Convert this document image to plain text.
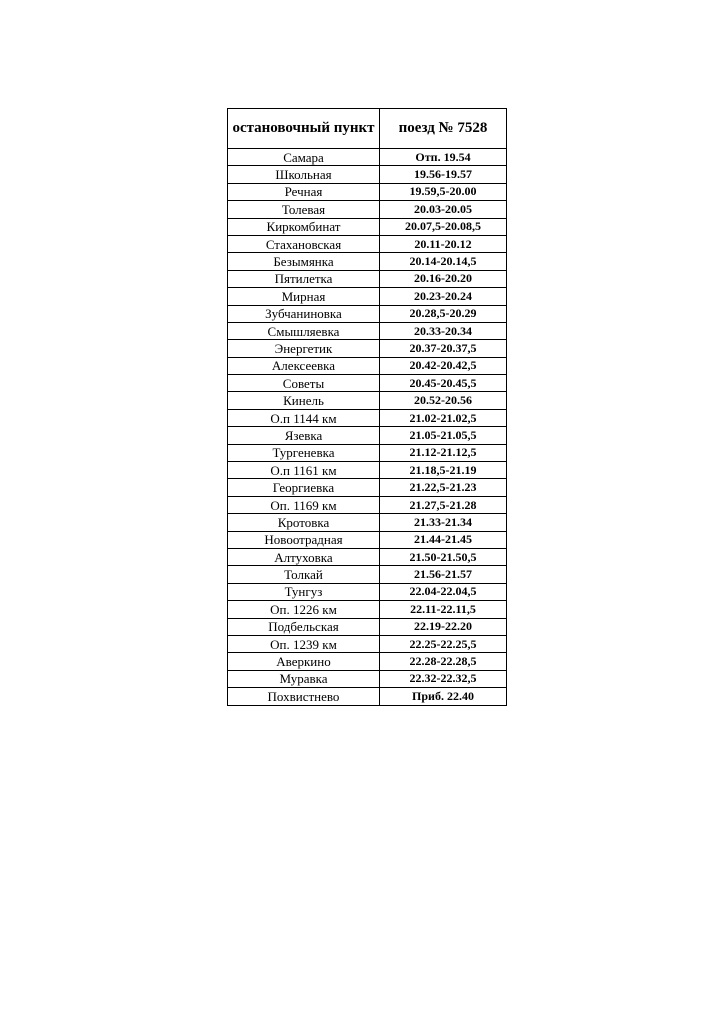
остановочный пункт	поезд № 7528
Самара	Отп. 19.54
Школьная	19.56-19.57
Речная	19.59,5-20.00
Толевая	20.03-20.05
Киркомбинат	20.07,5-20.08,5
Стахановская	20.11-20.12
Безымянка	20.14-20.14,5
Пятилетка	20.16-20.20
Мирная	20.23-20.24
Зубчаниновка	20.28,5-20.29
Смышляевка	20.33-20.34
Энергетик	20.37-20.37,5
Алексеевка	20.42-20.42,5
Советы	20.45-20.45,5
Кинель	20.52-20.56
О.п 1144 км	21.02-21.02,5
Язевка	21.05-21.05,5
Тургеневка	21.12-21.12,5
О.п 1161 км	21.18,5-21.19
Георгиевка	21.22,5-21.23
Оп. 1169 км	21.27,5-21.28
Кротовка	21.33-21.34
Новоотрадная	21.44-21.45
Алтуховка	21.50-21.50,5
Толкай	21.56-21.57
Тунгуз	22.04-22.04,5
Оп. 1226 км	22.11-22.11,5
Подбельская	22.19-22.20
Оп. 1239 км	22.25-22.25,5
Аверкино	22.28-22.28,5
Муравка	22.32-22.32,5
Похвистнево	Приб. 22.40
